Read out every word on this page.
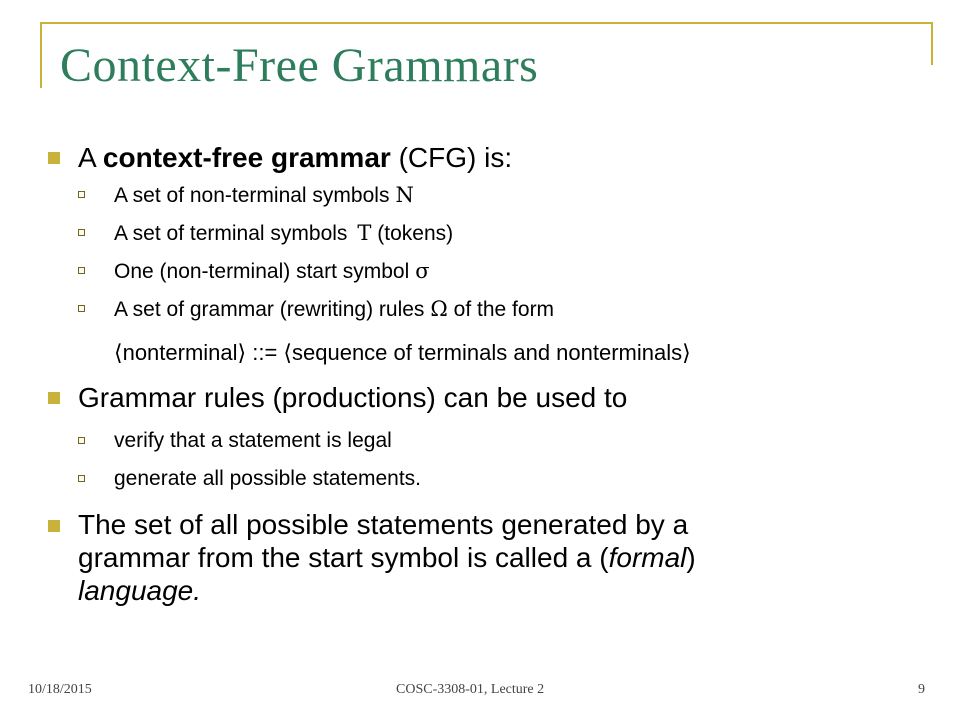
Context-Free Grammars
A context-free grammar (CFG) is:
A set of non-terminal symbols N
A set of terminal symbols T (tokens)
One (non-terminal) start symbol σ
A set of grammar (rewriting) rules Ω of the form
⟨nonterminal⟩ ::= ⟨sequence of terminals and nonterminals⟩
Grammar rules (productions) can be used to
verify that a statement is legal
generate all possible statements.
The set of all possible statements generated by a
grammar from the start symbol is called a (formal)
language.
10/18/2015	COSC-3308-01, Lecture 2	9
